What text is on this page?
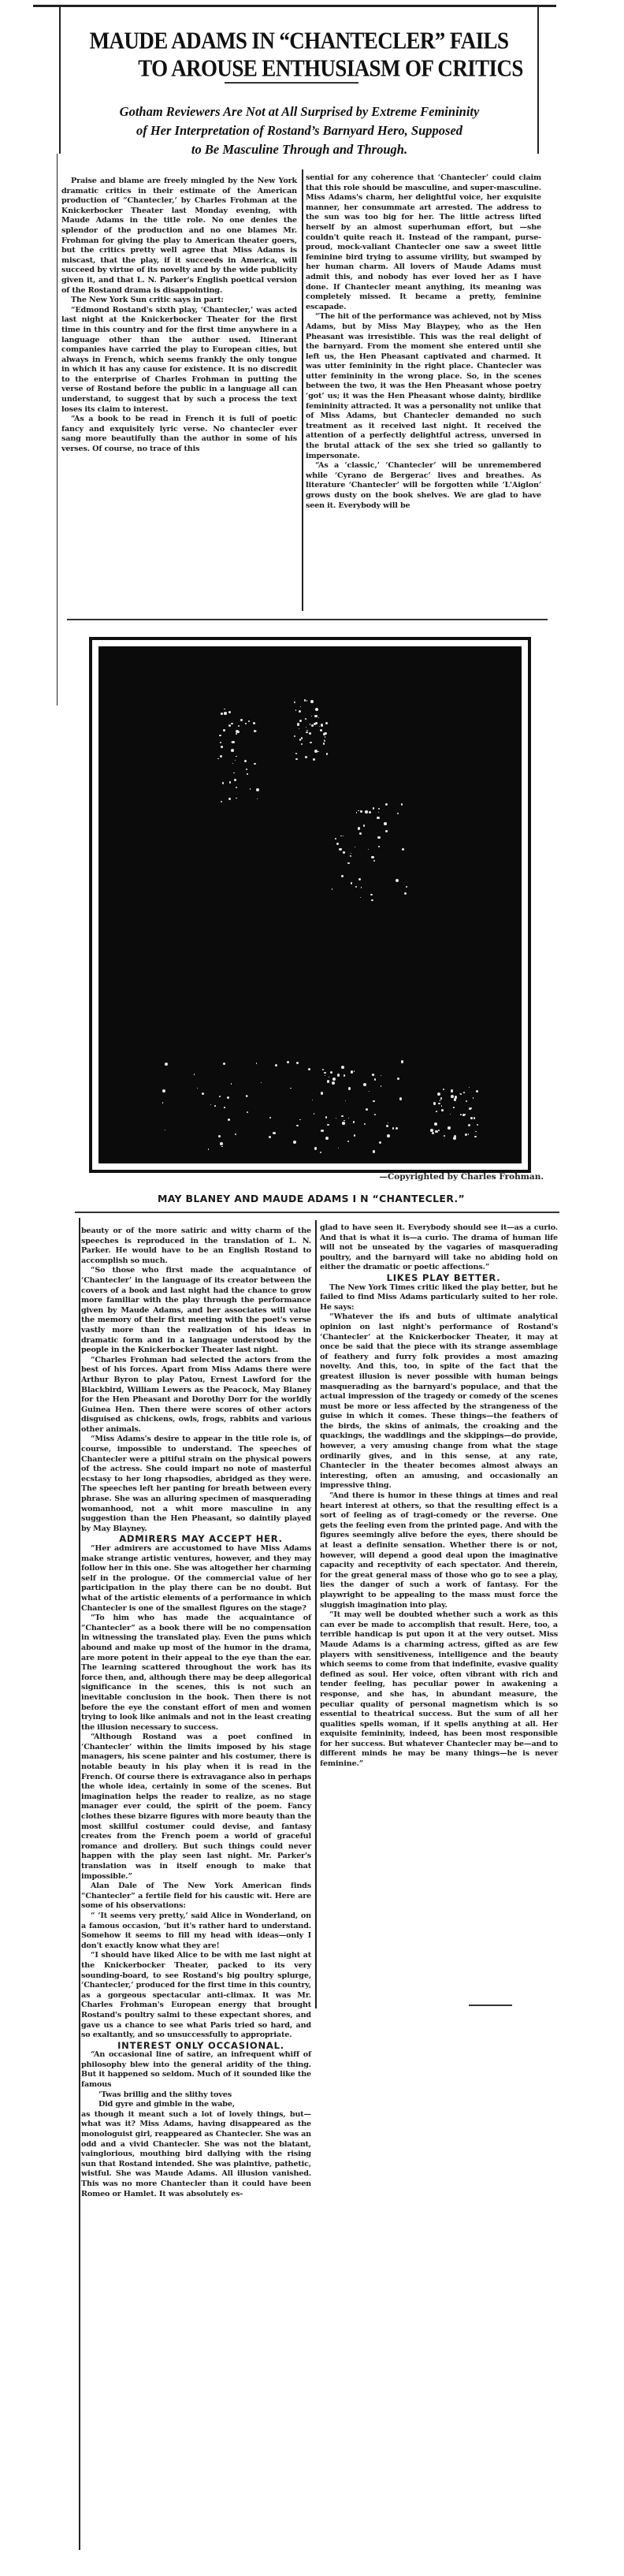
MAUDE ADAMS IN “CHANTECLER” FAILS
TO AROUSE ENTHUSIASM OF CRITICS
Gotham Reviewers Are Not at All Surprised by Extreme Femininity
of Her Interpretation of Rostand’s Barnyard Hero, Supposed
to Be Masculine Through and Through.

Praise and blame are freely mingled by the New York dramatic critics in their estimate of the American production of “Chantecler,’ by Charles Frohman at the Knickerbocker Theater last Monday evening, with Maude Adams in the title role. No one denies the splendor of the production and no one blames Mr. Frohman for giving the play to American theater goers, but the critics pretty well agree that Miss Adams is miscast, that the play, if it succeeds in America, will succeed by virtue of its novelty and by the wide publicity given it, and that L. N. Parker's English poetical version of the Rostand drama is disappointing.

The New York Sun critic says in part:

“Edmond Rostand's sixth play, ‘Chantecler,’ was acted last night at the Knickerbocker Theater for the first time in this country and for the first time anywhere in a language other than the author used. Itinerant companies have carried the play to European cities, but always in French, which seems frankly the only tongue in which it has any cause for existence. It is no discredit to the enterprise of Charles Frohman in putting the verse of Rostand before the public in a language all can understand, to suggest that by such a process the text loses its claim to interest.

“As a book to be read in French it is full of poetic fancy and exquisitely lyric verse. No chantecler ever sang more beautifully than the author in some of his verses. Of course, no trace of this

sential for any coherence that ‘Chantecler’ could claim that this role should be masculine, and super-masculine. Miss Adams's charm, her delightful voice, her exquisite manner, her consummate art arrested. The address to the sun was too big for her. The little actress lifted herself by an almost superhuman effort, but —she couldn't quite reach it. Instead of the rampant, purse-proud, mock-valiant Chantecler one saw a sweet little feminine bird trying to assume virility, but swamped by her human charm. All lovers of Maude Adams must admit this, and nobody has ever loved her as I have done. If Chantecler meant anything, its meaning was completely missed. It became a pretty, feminine escapade.

“The hit of the performance was achieved, not by Miss Adams, but by Miss May Blaypey, who as the Hen Pheasant was irresistible. This was the real delight of the barnyard. From the moment she entered until she left us, the Hen Pheasant captivated and charmed. It was utter femininity in the right place. Chantecler was utter femininity in the wrong place. So, in the scenes between the two, it was the Hen Pheasant whose poetry ‘got’ us; it was the Hen Pheasant whose dainty, birdlike femininity attracted. It was a personality not unlike that of Miss Adams, but Chantecler demanded no such treatment as it received last night. It received the attention of a perfectly delightful actress, unversed in the brutal attack of the sex she tried so gallantly to impersonate.

“As a ‘classic,’ ‘Chantecler’ will be unremembered while ‘Cyrano de Bergerac’ lives and breathes. As literature ‘Chantecler’ will be forgotten while ‘L'Aiglon’ grows dusty on the book shelves. We are glad to have seen it. Everybody will be

—Copyrighted by Charles Frohman.
MAY BLANEY AND MAUDE ADAMS I N “CHANTECLER.”

beauty or of the more satiric and witty charm of the speeches is reproduced in the translation of L. N. Parker. He would have to be an English Rostand to accomplish so much.

“So those who first made the acquaintance of ‘Chantecler’ in the language of its creator between the covers of a book and last night had the chance to grow more familiar with the play through the performance given by Maude Adams, and her associates will value the memory of their first meeting with the poet's verse vastly more than the realization of his ideas in dramatic form and in a language understood by the people in the Knickerbocker Theater last night.

“Charles Frohman had selected the actors from the best of his forces. Apart from Miss Adams there were Arthur Byron to play Patou, Ernest Lawford for the Blackbird, William Lewers as the Peacock, May Blaney for the Hen Pheasant and Dorothy Dorr for the worldly Guinea Hen. Then there were scores of other actors disguised as chickens, owls, frogs, rabbits and various other animals.

“Miss Adams's desire to appear in the title role is, of course, impossible to understand. The speeches of Chantecler were a pitiful strain on the physical powers of the actress. She could impart no note of masterful ecstasy to her long rhapsodies, abridged as they were. The speeches left her panting for breath between every phrase. She was an alluring specimen of masquerading womanhood, not a whit more masculine in any suggestion than the Hen Pheasant, so daintily played by May Blayney.

ADMIRERS MAY ACCEPT HER.

“Her admirers are accustomed to have Miss Adams make strange artistic ventures, however, and they may follow her in this one. She was altogether her charming self in the prologue. Of the commercial value of her participation in the play there can be no doubt. But what of the artistic elements of a performance in which Chantecler is one of the smallest figures on the stage?

“To him who has made the acquaintance of “Chantecler” as a book there will be no compensation in witnessing the translated play. Even the puns which abound and make up most of the humor in the drama, are more potent in their appeal to the eye than the ear. The learning scattered throughout the work has its force then, and, although there may be deep allegorical significance in the scenes, this is not such an inevitable conclusion in the book. Then there is not before the eye the constant effort of men and women trying to look like animals and not in the least creating the illusion necessary to success.

“Although Rostand was a poet confined in ‘Chantecler’ within the limits imposed by his stage managers, his scene painter and his costumer, there is notable beauty in his play when it is read in the French. Of course there is extravagance also in perhaps the whole idea, certainly in some of the scenes. But imagination helps the reader to realize, as no stage manager ever could, the spirit of the poem. Fancy clothes these bizarre figures with more beauty than the most skillful costumer could devise, and fantasy creates from the French poem a world of graceful romance and drollery. But such things could never happen with the play seen last night. Mr. Parker's translation was in itself enough to make that impossible.”

Alan Dale of The New York American finds “Chantecler” a fertile field for his caustic wit. Here are some of his observations:

“ ‘It seems very pretty,’ said Alice in Wonderland, on a famous occasion, ‘but it's rather hard to understand. Somehow it seems to fill my head with ideas—only I don't exactly know what they are!

“I should have liked Alice to be with me last night at the Knickerbocker Theater, packed to its very sounding-board, to see Rostand's big poultry splurge, ‘Chantecler,’ produced for the first time in this country, as a gorgeous spectacular anti-climax. It was Mr. Charles Frohman's European energy that brought Rostand's poultry salmi to these expectant shores, and gave us a chance to see what Paris tried so hard, and so exaltantly, and so unsuccessfully to appropriate.

INTEREST ONLY OCCASIONAL.

“An occasional line of satire, an infrequent whiff of philosophy blew into the general aridity of the thing. But it happened so seldom. Much of it sounded like the famous

’Twas brillig and the slithy toves

Did gyre and gimble in the wabe,

as though it meant such a lot of lovely things, but—what was it? Miss Adams, having disappeared as the monologuist girl, reappeared as Chantecler. She was an odd and a vivid Chantecler. She was not the blatant, vainglorious, mouthing bird dallying with the rising sun that Rostand intended. She was plaintive, pathetic, wistful. She was Maude Adams. All illusion vanished. This was no more Chantecler than it could have been Romeo or Hamlet. It was absolutely es-

glad to have seen it. Everybody should see it—as a curio. And that is what it is—a curio. The drama of human life will not be unseated by the vagaries of masquerading poultry, and the barnyard will take no abiding hold on either the dramatic or poetic affections.”

LIKES PLAY BETTER.

The New York Times critic liked the play better, but he failed to find Miss Adams particularly suited to her role. He says:

“Whatever the ifs and buts of ultimate analytical opinion on last night's performance of Rostand's ‘Chantecler’ at the Knickerbocker Theater, it may at once be said that the piece with its strange assemblage of feathery and furry folk provides a most amazing novelty. And this, too, in spite of the fact that the greatest illusion is never possible with human beings masquerading as the barnyard's populace, and that the actual impression of the tragedy or comedy of the scenes must be more or less affected by the strangeness of the guise in which it comes. These things—the feathers of the birds, the skins of animals, the croaking and the quackings, the waddlings and the skippings—do provide, however, a very amusing change from what the stage ordinarily gives, and in this sense, at any rate, Chantecler in the theater becomes almost always an interesting, often an amusing, and occasionally an impressive thing.

“And there is humor in these things at times and real heart interest at others, so that the resulting effect is a sort of feeling as of tragi-comedy or the reverse. One gets the feeling even from the printed page. And with the figures seemingly alive before the eyes, there should be at least a definite sensation. Whether there is or not, however, will depend a good deal upon the imaginative capacity and receptivity of each spectator. And therein, for the great general mass of those who go to see a play, lies the danger of such a work of fantasy. For the playwright to be appealing to the mass must force the sluggish imagination into play.

“It may well be doubted whether such a work as this can ever be made to accomplish that result. Here, too, a terrible handicap is put upon it at the very outset. Miss Maude Adams is a charming actress, gifted as are few players with sensitiveness, intelligence and the beauty which seems to come from that indefinite, evasive quality defined as soul. Her voice, often vibrant with rich and tender feeling, has peculiar power in awakening a response, and she has, in abundant measure, the peculiar quality of personal magnetism which is so essential to theatrical success. But the sum of all her qualities spells woman, if it spells anything at all. Her exquisite femininity, indeed, has been most responsible for her success. But whatever Chantecler may be—and to different minds he may be many things—he is never feminine.”
